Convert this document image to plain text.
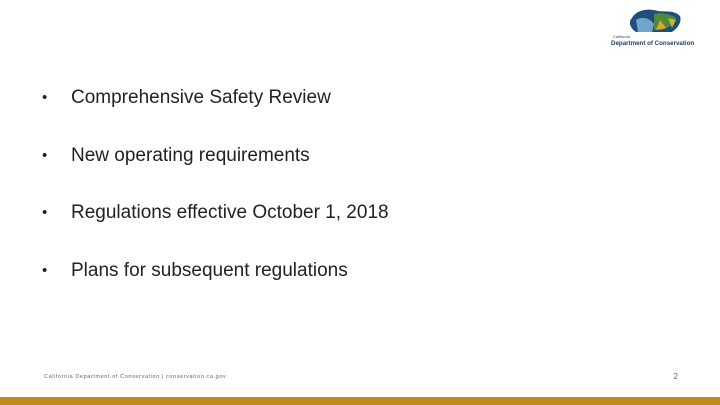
California
Department of Conservation
•	Comprehensive Safety Review
•	New operating requirements
•	Regulations effective October 1, 2018
•	Plans for subsequent regulations
California Department of Conservation | conservation.ca.gov	2
